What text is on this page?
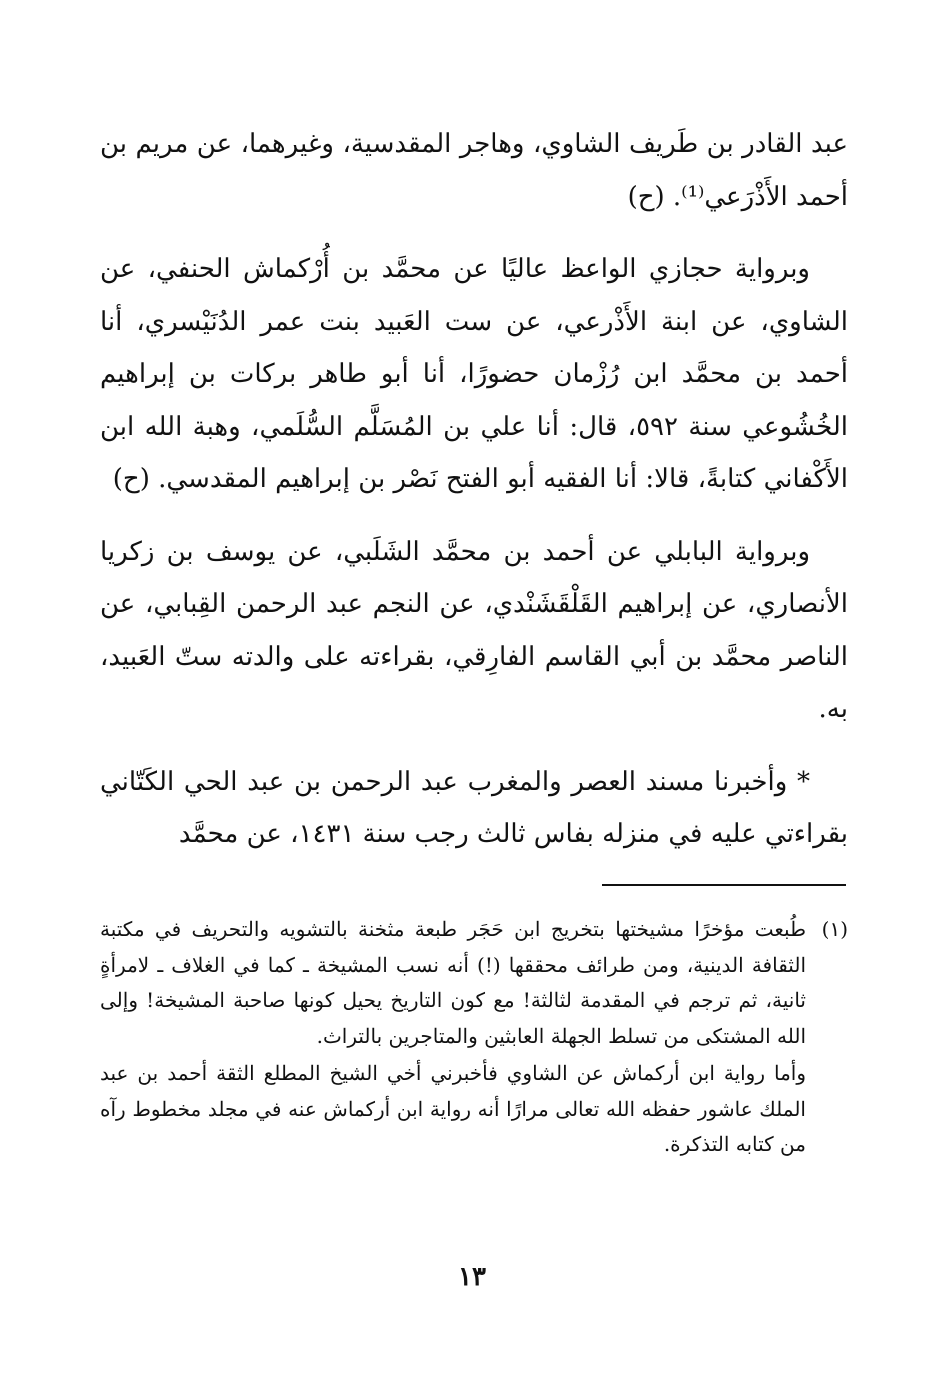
عبد القادر بن طَريف الشاوي، وهاجر المقدسية، وغيرهما، عن مريم بن أحمد الأَذْرَعي⁽¹⁾. (ح)

وبرواية حجازي الواعظ عاليًا عن محمَّد بن أُرْكماش الحنفي، عن الشاوي، عن ابنة الأَذْرعي، عن ست العَبيد بنت عمر الدُنَيْسري، أنا أحمد بن محمَّد ابن رُزْمان حضورًا، أنا أبو طاهر بركات بن إبراهيم الخُشُوعي سنة ٥٩٢، قال: أنا علي بن المُسَلَّم السُّلَمي، وهبة الله ابن الأَكْفاني كتابةً، قالا: أنا الفقيه أبو الفتح نَصْر بن إبراهيم المقدسي. (ح)

وبرواية البابلي عن أحمد بن محمَّد الشَلَبي، عن يوسف بن زكريا الأنصاري، عن إبراهيم القَلْقَشَنْدي، عن النجم عبد الرحمن القِبابي، عن الناصر محمَّد بن أبي القاسم الفارِقي، بقراءته على والدته ستّ العَبيد، به.

* وأخبرنا مسند العصر والمغرب عبد الرحمن بن عبد الحي الكَتّاني بقراءتي عليه في منزله بفاس ثالث رجب سنة ١٤٣١، عن محمَّد

(١)

طُبعت مؤخرًا مشيختها بتخريج ابن حَجَر طبعة مثخنة بالتشويه والتحريف في مكتبة الثقافة الدينية، ومن طرائف محققها (!) أنه نسب المشيخة ـ كما في الغلاف ـ لامرأةٍ ثانية، ثم ترجم في المقدمة لثالثة! مع كون التاريخ يحيل كونها صاحبة المشيخة! وإلى الله المشتكى من تسلط الجهلة العابثين والمتاجرين بالتراث.

وأما رواية ابن أركماش عن الشاوي فأخبرني أخي الشيخ المطلع الثقة أحمد بن عبد الملك عاشور حفظه الله تعالى مرارًا أنه رواية ابن أركماش عنه في مجلد مخطوط رآه من كتابه التذكرة.

١٣
